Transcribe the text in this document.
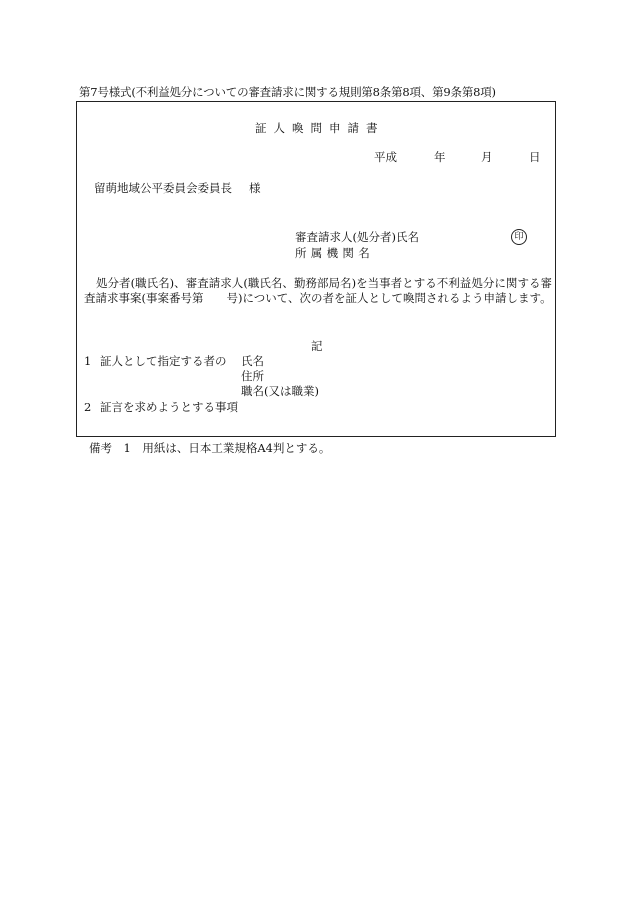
第7号様式(不利益処分についての審査請求に関する規則第8条第8項、第9条第8項)
証人喚問申請書
平成	年	月	日
留萌地域公平委員会委員長 様
審査請求人(処分者)氏名	印
所属機関名
処分者(職氏名)、審査請求人(職氏名、勤務部局名)を当事者とする不利益処分に関する審査請求事案(事案番号第　　号)について、次の者を証人として喚問されるよう申請します。
記
1 証人として指定する者の 氏名
住所
職名(又は職業)
2 証言を求めようとする事項
備考　1　用紙は、日本工業規格A4判とする。
